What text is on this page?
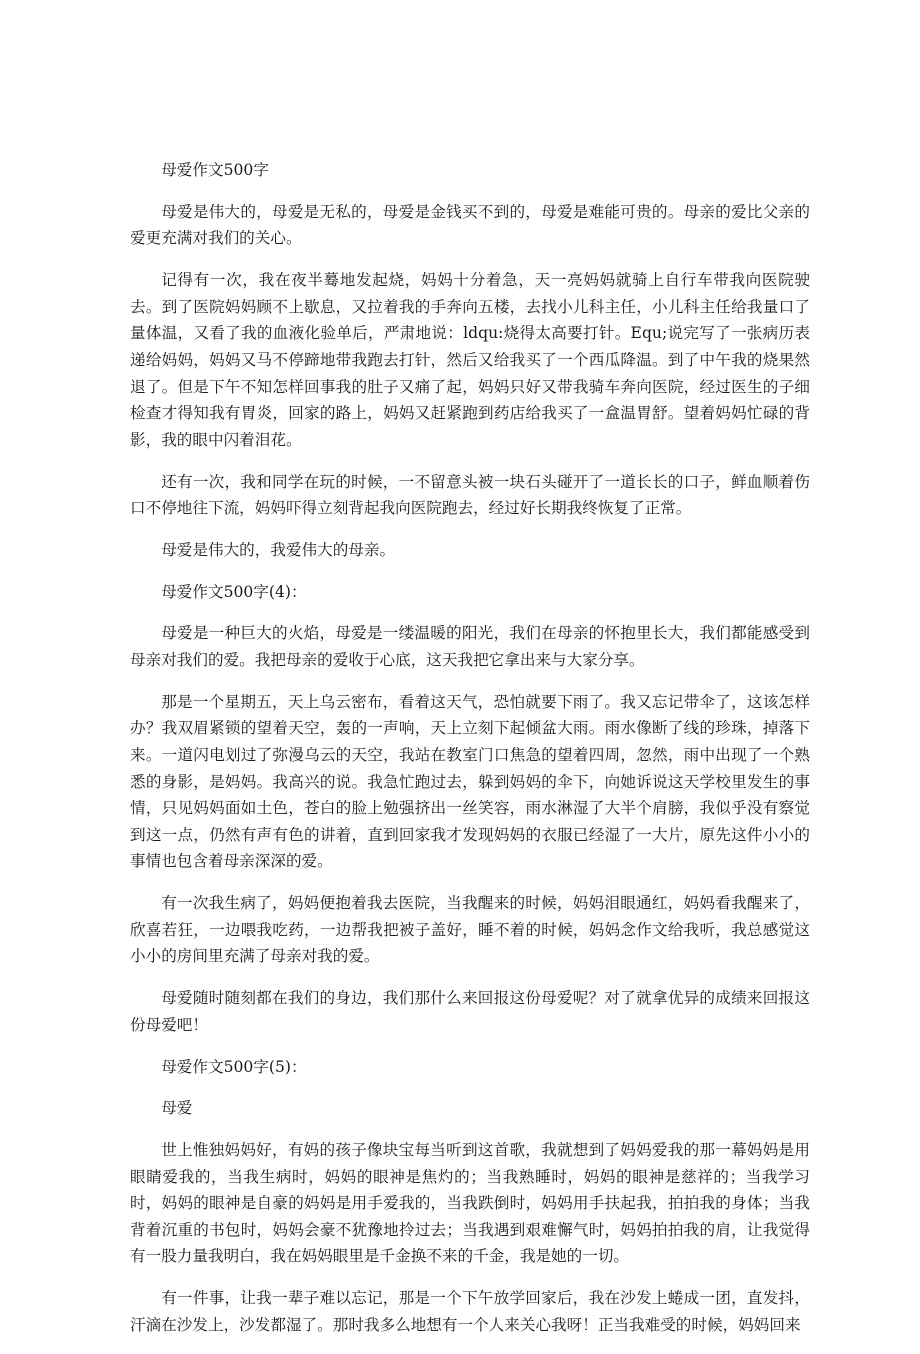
母爱作文500字

母爱是伟大的，母爱是无私的，母爱是金钱买不到的，母爱是难能可贵的。母亲的爱比父亲的爱更充满对我们的关心。

记得有一次，我在夜半蓦地发起烧，妈妈十分着急，天一亮妈妈就骑上自行车带我向医院驶去。到了医院妈妈顾不上歇息，又拉着我的手奔向五楼，去找小儿科主任，小儿科主任给我量口了量体温，又看了我的血液化验单后，严肃地说：ldqu:烧得太高要打针。Equ;说完写了一张病历表递给妈妈，妈妈又马不停蹄地带我跑去打针，然后又给我买了一个西瓜降温。到了中午我的烧果然退了。但是下午不知怎样回事我的肚子又痛了起，妈妈只好又带我骑车奔向医院，经过医生的子细检查才得知我有胃炎，回家的路上，妈妈又赶紧跑到药店给我买了一盒温胃舒。望着妈妈忙碌的背影，我的眼中闪着泪花。

还有一次，我和同学在玩的时候，一不留意头被一块石头碰开了一道长长的口子，鲜血顺着伤口不停地往下流，妈妈吓得立刻背起我向医院跑去，经过好长期我终恢复了正常。

母爱是伟大的，我爱伟大的母亲。

母爱作文500字(4)：

母爱是一种巨大的火焰，母爱是一缕温暖的阳光，我们在母亲的怀抱里长大，我们都能感受到母亲对我们的爱。我把母亲的爱收于心底，这天我把它拿出来与大家分享。

那是一个星期五，天上乌云密布，看着这天气，恐怕就要下雨了。我又忘记带伞了，这该怎样办？我双眉紧锁的望着天空，轰的一声响，天上立刻下起倾盆大雨。雨水像断了线的珍珠，掉落下来。一道闪电划过了弥漫乌云的天空，我站在教室门口焦急的望着四周，忽然，雨中出现了一个熟悉的身影，是妈妈。我高兴的说。我急忙跑过去，躲到妈妈的伞下，向她诉说这天学校里发生的事情，只见妈妈面如土色，苍白的脸上勉强挤出一丝笑容，雨水淋湿了大半个肩膀，我似乎没有察觉到这一点，仍然有声有色的讲着，直到回家我才发现妈妈的衣服已经湿了一大片，原先这件小小的事情也包含着母亲深深的爱。

有一次我生病了，妈妈便抱着我去医院，当我醒来的时候，妈妈泪眼通红，妈妈看我醒来了，欣喜若狂，一边喂我吃药，一边帮我把被子盖好，睡不着的时候，妈妈念作文给我听，我总感觉这小小的房间里充满了母亲对我的爱。

母爱随时随刻都在我们的身边，我们那什么来回报这份母爱呢？对了就拿优异的成绩来回报这份母爱吧！

母爱作文500字(5)：

母爱

世上惟独妈妈好，有妈的孩子像块宝每当听到这首歌，我就想到了妈妈爱我的那一幕妈妈是用眼睛爱我的，当我生病时，妈妈的眼神是焦灼的；当我熟睡时，妈妈的眼神是慈祥的；当我学习时，妈妈的眼神是自豪的妈妈是用手爱我的，当我跌倒时，妈妈用手扶起我，拍拍我的身体；当我背着沉重的书包时，妈妈会豪不犹豫地拎过去；当我遇到艰难懈气时，妈妈拍拍我的肩，让我觉得有一股力量我明白，我在妈妈眼里是千金换不来的千金，我是她的一切。

有一件事，让我一辈子难以忘记，那是一个下午放学回家后，我在沙发上蜷成一团，直发抖，汗滴在沙发上，沙发都湿了。那时我多么地想有一个人来关心我呀！正当我难受的时候，妈妈回来
